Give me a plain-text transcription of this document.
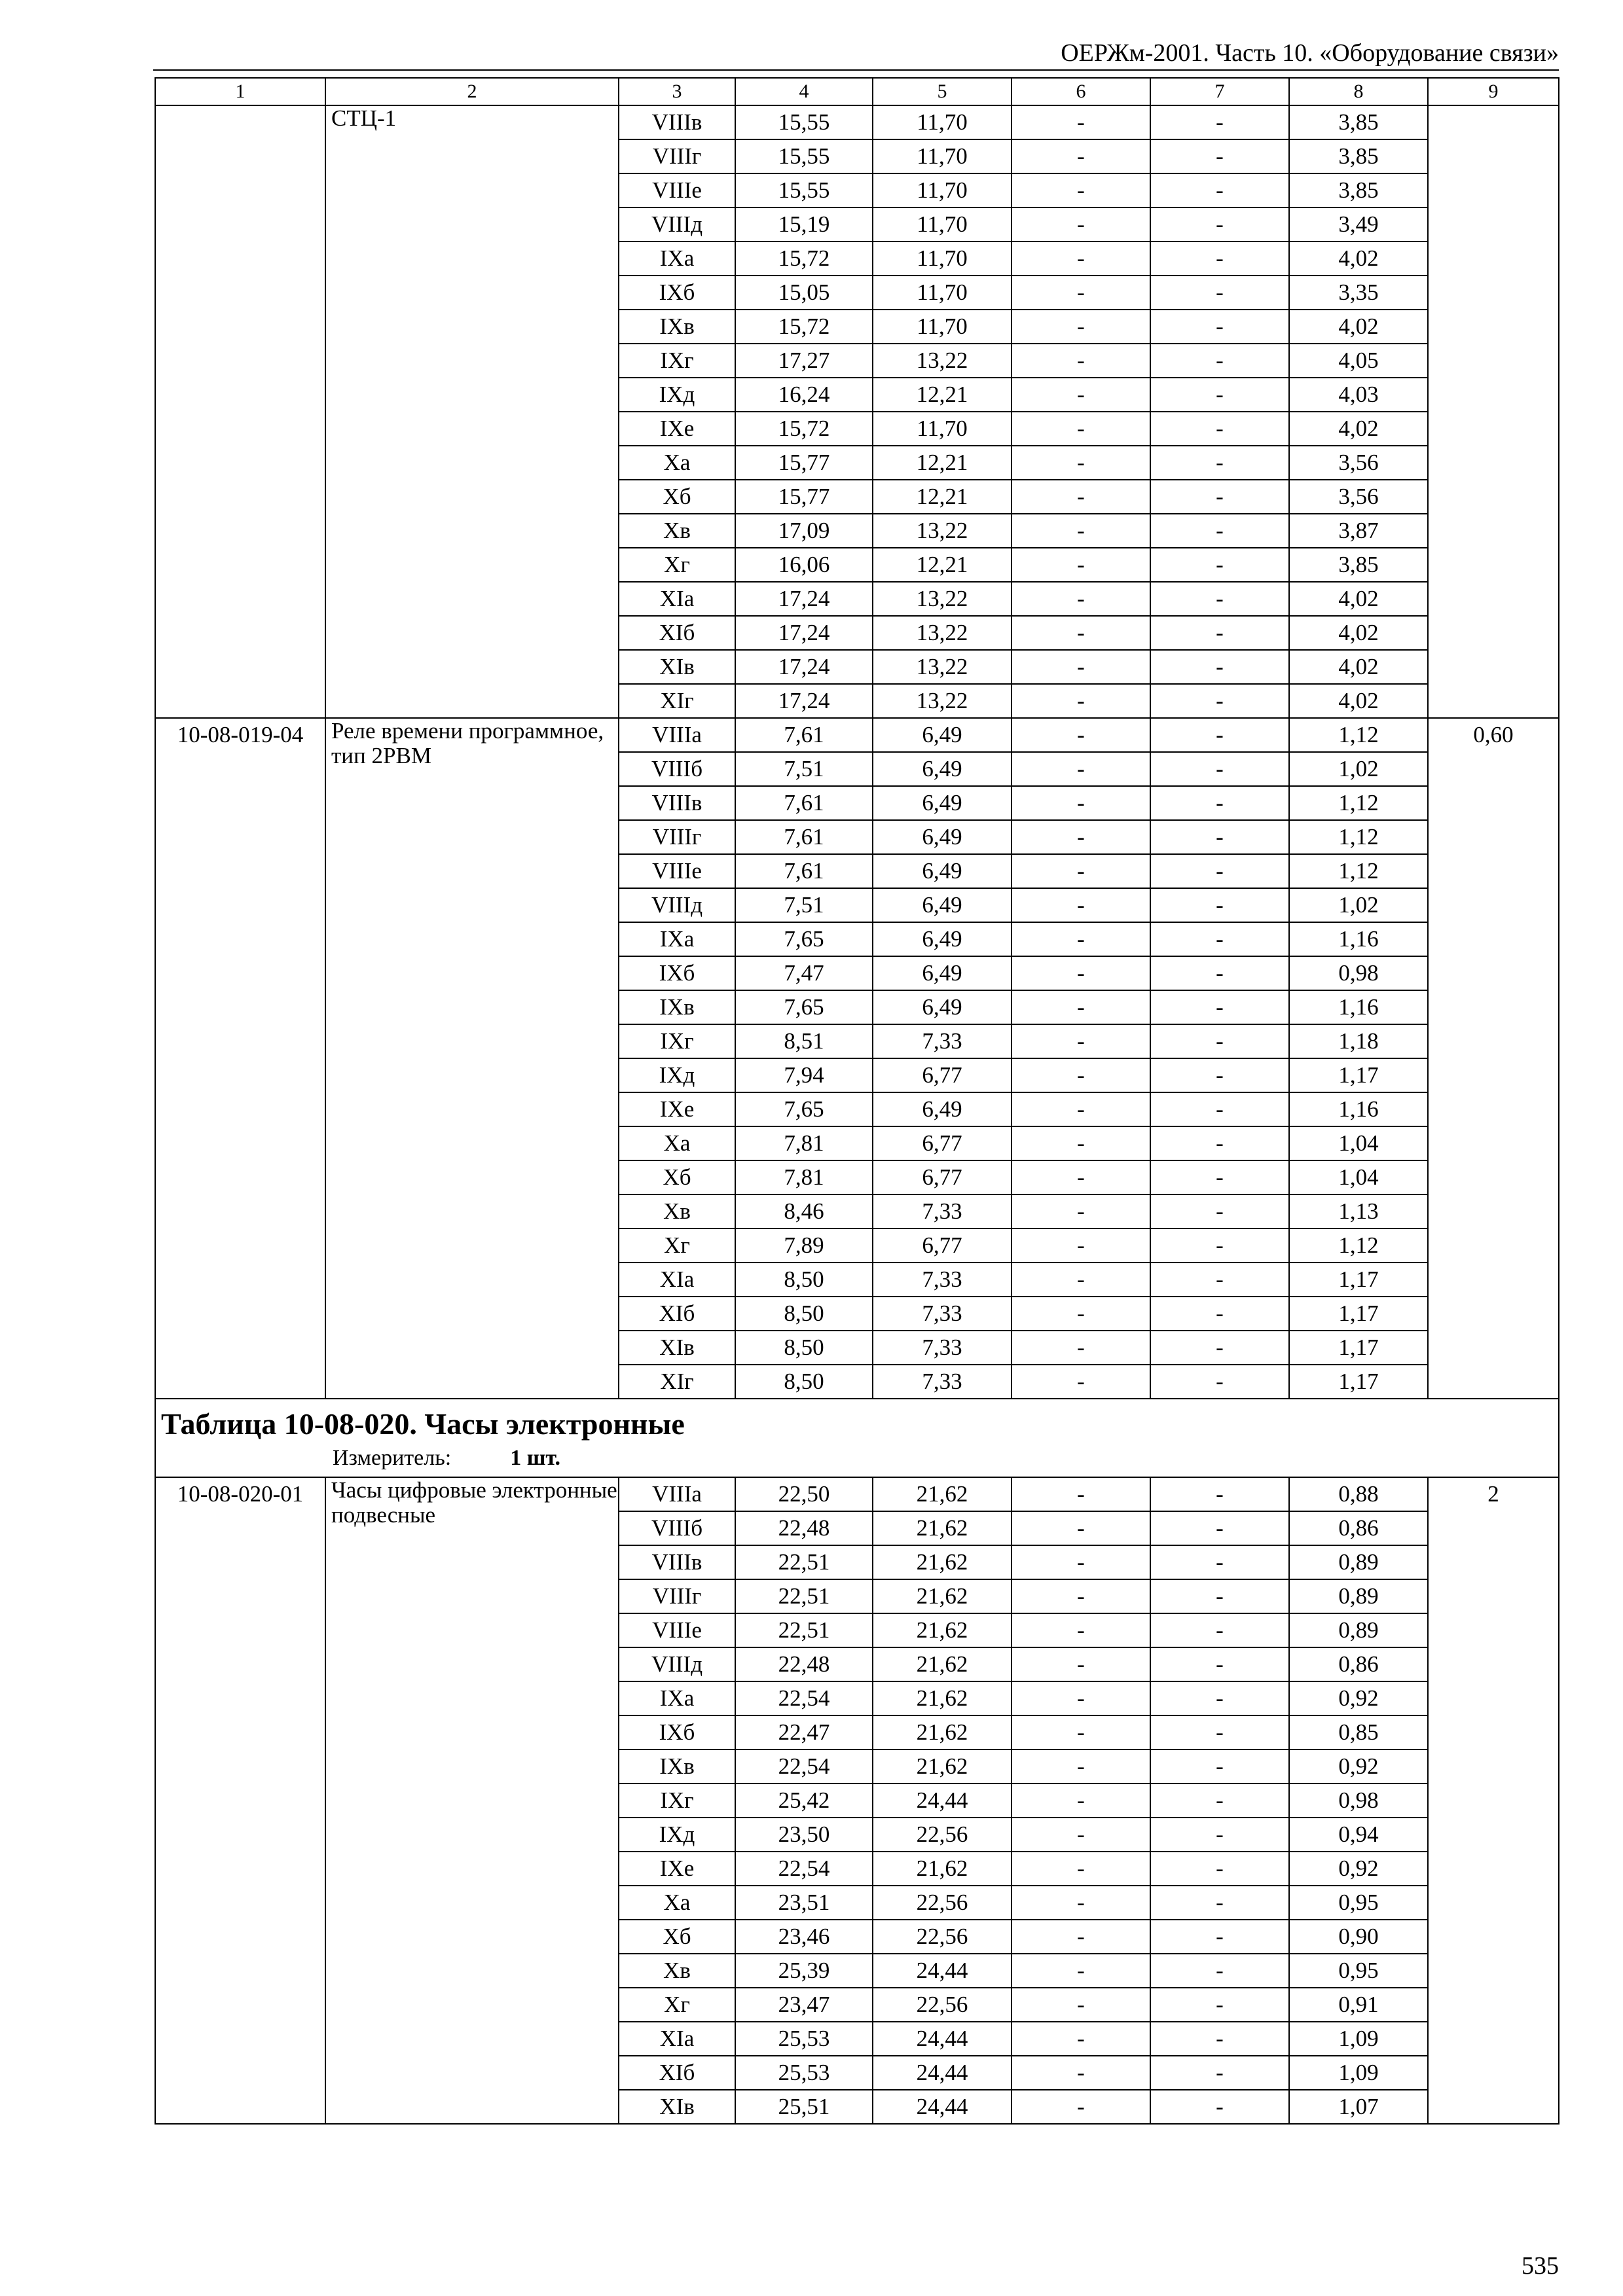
ОЕРЖм-2001. Часть 10. «Оборудование связи»
1	2	3	4	5	6	7	8	9
	СТЦ-1	VIIIв	15,55	11,70	-	-	3,85	
		VIIIг	15,55	11,70	-	-	3,85	
		VIIIе	15,55	11,70	-	-	3,85	
		VIIIд	15,19	11,70	-	-	3,49	
		IXа	15,72	11,70	-	-	4,02	
		IXб	15,05	11,70	-	-	3,35	
		IXв	15,72	11,70	-	-	4,02	
		IXг	17,27	13,22	-	-	4,05	
		IXд	16,24	12,21	-	-	4,03	
		IXе	15,72	11,70	-	-	4,02	
		Xа	15,77	12,21	-	-	3,56	
		Xб	15,77	12,21	-	-	3,56	
		Xв	17,09	13,22	-	-	3,87	
		Xг	16,06	12,21	-	-	3,85	
		XIа	17,24	13,22	-	-	4,02	
		XIб	17,24	13,22	-	-	4,02	
		XIв	17,24	13,22	-	-	4,02	
		XIг	17,24	13,22	-	-	4,02	
10-08-019-04	Реле времени программное, тип 2РВМ	VIIIа	7,61	6,49	-	-	1,12	0,60
		VIIIб	7,51	6,49	-	-	1,02	
		VIIIв	7,61	6,49	-	-	1,12	
		VIIIг	7,61	6,49	-	-	1,12	
		VIIIе	7,61	6,49	-	-	1,12	
		VIIIд	7,51	6,49	-	-	1,02	
		IXа	7,65	6,49	-	-	1,16	
		IXб	7,47	6,49	-	-	0,98	
		IXв	7,65	6,49	-	-	1,16	
		IXг	8,51	7,33	-	-	1,18	
		IXд	7,94	6,77	-	-	1,17	
		IXе	7,65	6,49	-	-	1,16	
		Xа	7,81	6,77	-	-	1,04	
		Xб	7,81	6,77	-	-	1,04	
		Xв	8,46	7,33	-	-	1,13	
		Xг	7,89	6,77	-	-	1,12	
		XIа	8,50	7,33	-	-	1,17	
		XIб	8,50	7,33	-	-	1,17	
		XIв	8,50	7,33	-	-	1,17	
		XIг	8,50	7,33	-	-	1,17	

Таблица 10-08-020. Часы электронные
Измеритель: 1 шт.								

10-08-020-01	Часы цифровые электронные подвесные	VIIIа	22,50	21,62	-	-	0,88	2
		VIIIб	22,48	21,62	-	-	0,86	
		VIIIв	22,51	21,62	-	-	0,89	
		VIIIг	22,51	21,62	-	-	0,89	
		VIIIе	22,51	21,62	-	-	0,89	
		VIIIд	22,48	21,62	-	-	0,86	
		IXа	22,54	21,62	-	-	0,92	
		IXб	22,47	21,62	-	-	0,85	
		IXв	22,54	21,62	-	-	0,92	
		IXг	25,42	24,44	-	-	0,98	
		IXд	23,50	22,56	-	-	0,94	
		IXе	22,54	21,62	-	-	0,92	
		Xа	23,51	22,56	-	-	0,95	
		Xб	23,46	22,56	-	-	0,90	
		Xв	25,39	24,44	-	-	0,95	
		Xг	23,47	22,56	-	-	0,91	
		XIа	25,53	24,44	-	-	1,09	
		XIб	25,53	24,44	-	-	1,09	
		XIв	25,51	24,44	-	-	1,07	
535
